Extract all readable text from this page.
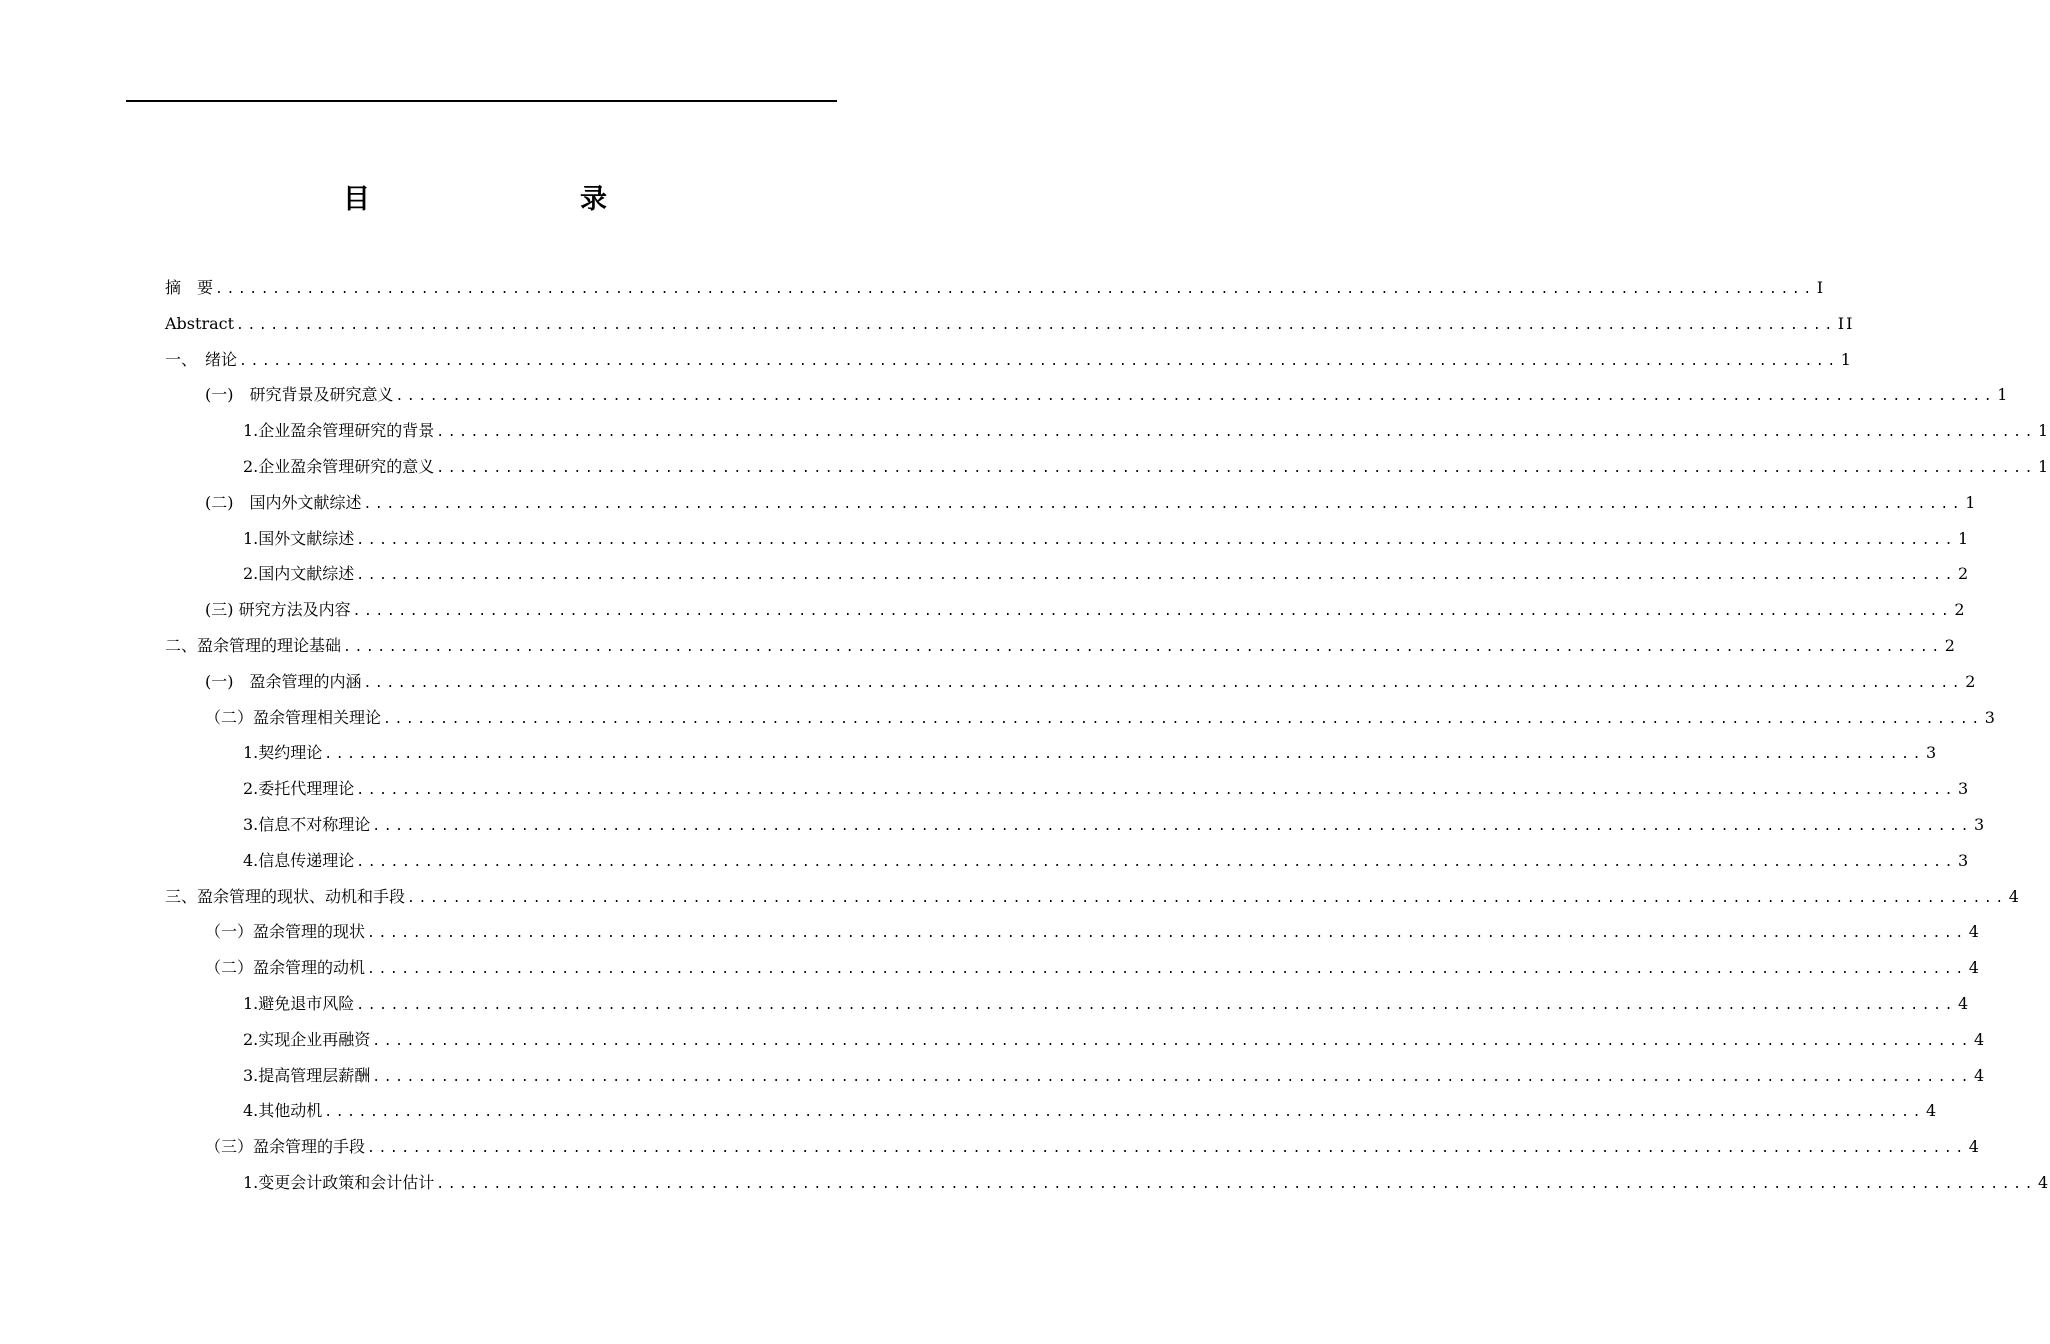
目　　录
摘　要 ............................................................................................................................................ I
Abstract ............................................................................................................................................ II
一、　绪论 ............................................................................................................................................ 1
(一)　研究背景及研究意义 ............................................................................................................................................ 1
1.企业盈余管理研究的背景 ............................................................................................................................................ 1
2.企业盈余管理研究的意义 ............................................................................................................................................ 1
(二)　国内外文献综述 ............................................................................................................................................ 1
1.国外文献综述 ............................................................................................................................................ 1
2.国内文献综述 ............................................................................................................................................ 2
(三) 研究方法及内容 ............................................................................................................................................ 2
二、盈余管理的理论基础 ............................................................................................................................................ 2
(一)　盈余管理的内涵 ............................................................................................................................................ 2
（二）盈余管理相关理论 ............................................................................................................................................ 3
1.契约理论 ............................................................................................................................................ 3
2.委托代理理论 ............................................................................................................................................ 3
3.信息不对称理论 ............................................................................................................................................ 3
4.信息传递理论 ............................................................................................................................................ 3
三、盈余管理的现状、动机和手段 ............................................................................................................................................ 4
（一）盈余管理的现状 ............................................................................................................................................ 4
（二）盈余管理的动机 ............................................................................................................................................ 4
1.避免退市风险 ............................................................................................................................................ 4
2.实现企业再融资 ............................................................................................................................................ 4
3.提高管理层薪酬 ............................................................................................................................................ 4
4.其他动机 ............................................................................................................................................ 4
（三）盈余管理的手段 ............................................................................................................................................ 4
1.变更会计政策和会计估计 ............................................................................................................................................ 4
